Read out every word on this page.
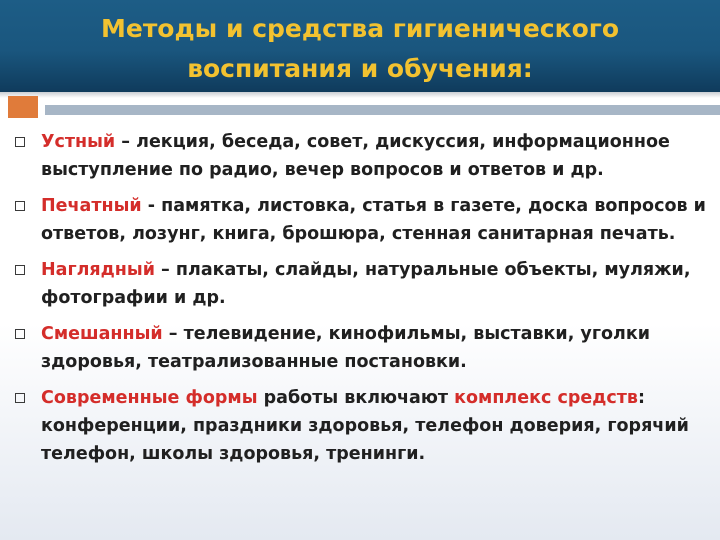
Методы и средства гигиенического
воспитания и обучения:
Устный – лекция, беседа, совет, дискуссия, информационное выступление по радио, вечер вопросов и ответов и др.
Печатный - памятка, листовка, статья в газете, доска вопросов и ответов, лозунг, книга, брошюра, стенная санитарная печать.
Наглядный – плакаты, слайды, натуральные объекты, муляжи, фотографии и др.
Смешанный – телевидение, кинофильмы, выставки, уголки здоровья, театрализованные постановки.
Современные формы работы включают комплекс средств: конференции, праздники здоровья, телефон доверия, горячий телефон, школы здоровья, тренинги.
